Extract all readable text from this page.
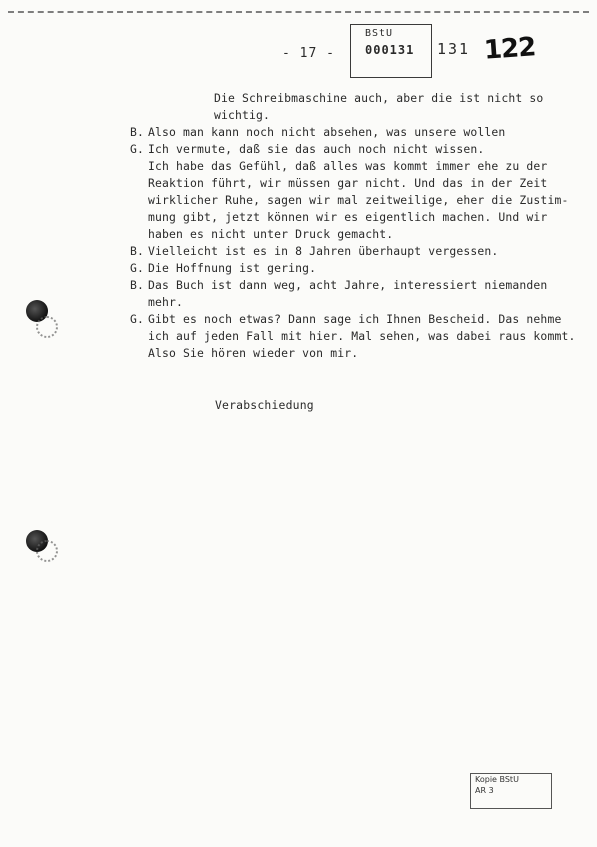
- 17 -
BStU
000131 131 122
Die Schreibmaschine auch, aber die ist nicht so
wichtig.
B. Also man kann noch nicht absehen, was unsere wollen
G. Ich vermute, daß sie das auch noch nicht wissen.
Ich habe das Gefühl, daß alles was kommt immer ehe zu der
Reaktion führt, wir müssen gar nicht. Und das in der Zeit
wirklicher Ruhe, sagen wir mal zeitweilige, eher die Zustim-
mung gibt, jetzt können wir es eigentlich machen. Und wir
haben es nicht unter Druck gemacht.
B. Vielleicht ist es in 8 Jahren überhaupt vergessen.
G. Die Hoffnung ist gering.
B. Das Buch ist dann weg, acht Jahre, interessiert niemanden
mehr.
G. Gibt es noch etwas? Dann sage ich Ihnen Bescheid. Das nehme
ich auf jeden Fall mit hier. Mal sehen, was dabei raus kommt.
Also Sie hören wieder von mir.
Verabschiedung
Kopie BStU
AR 3
